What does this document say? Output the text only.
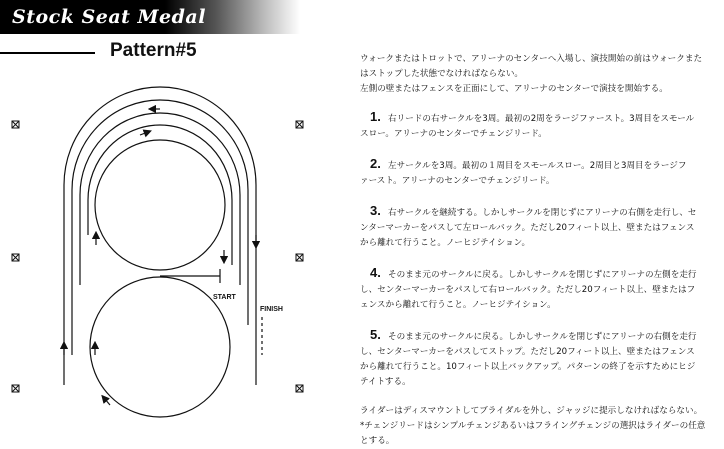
Stock Seat Medal
Pattern#5
START
FINISH

ウォークまたはトロットで、アリーナのセンターへ入場し、演技開始の前はウォークまた

はストップした状態でなければならない。

左側の壁またはフェンスを正面にして、アリーナのセンターで演技を開始する。

1. 右リードの右サークルを3周。最初の2周をラージファースト。3周目をスモール

スロー。アリーナのセンターでチェンジリード。

2. 左サークルを3周。最初の１周目をスモールスロー。2周目と3周目をラージフ

ァースト。アリーナのセンターでチェンジリード。

3. 右サークルを継続する。しかしサークルを閉じずにアリーナの右側を走行し、セ

ンターマーカーをパスして左ロールバック。ただし20フィート以上、壁またはフェンス

から離れて行うこと。ノーヒジテイション。

4. そのまま元のサークルに戻る。しかしサークルを閉じずにアリーナの左側を走行

し、センターマーカーをパスして右ロールバック。ただし20フィート以上、壁またはフ

ェンスから離れて行うこと。ノーヒジテイション。

5. そのまま元のサークルに戻る。しかしサークルを閉じずにアリーナの右側を走行

し、センターマーカーをパスしてストップ。ただし20フィート以上、壁またはフェンス

から離れて行うこと。10フィート以上バックアップ。パターンの終了を示すためにヒジ

テイトする。

ライダーはディスマウントしてブライダルを外し、ジャッジに提示しなければならない。

*チェンジリードはシンプルチェンジあるいはフライングチェンジの選択はライダーの任意

とする。
